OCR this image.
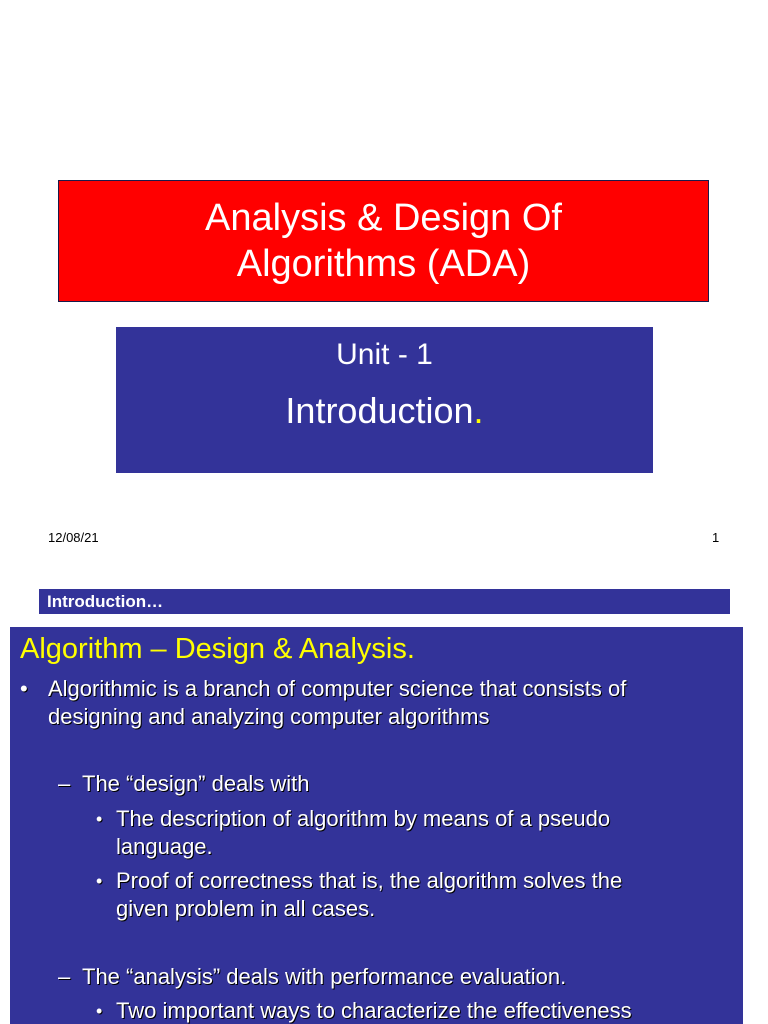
Analysis & Design Of
Algorithms (ADA)
Unit - 1
Introduction.
12/08/21	1
Introduction…
Algorithm – Design & Analysis.
• Algorithmic is a branch of computer science that consists of
designing and analyzing computer algorithms
– The “design” deals with
• The description of algorithm by means of a pseudo
language.
• Proof of correctness that is, the algorithm solves the
given problem in all cases.
– The “analysis” deals with performance evaluation.
• Two important ways to characterize the effectiveness
